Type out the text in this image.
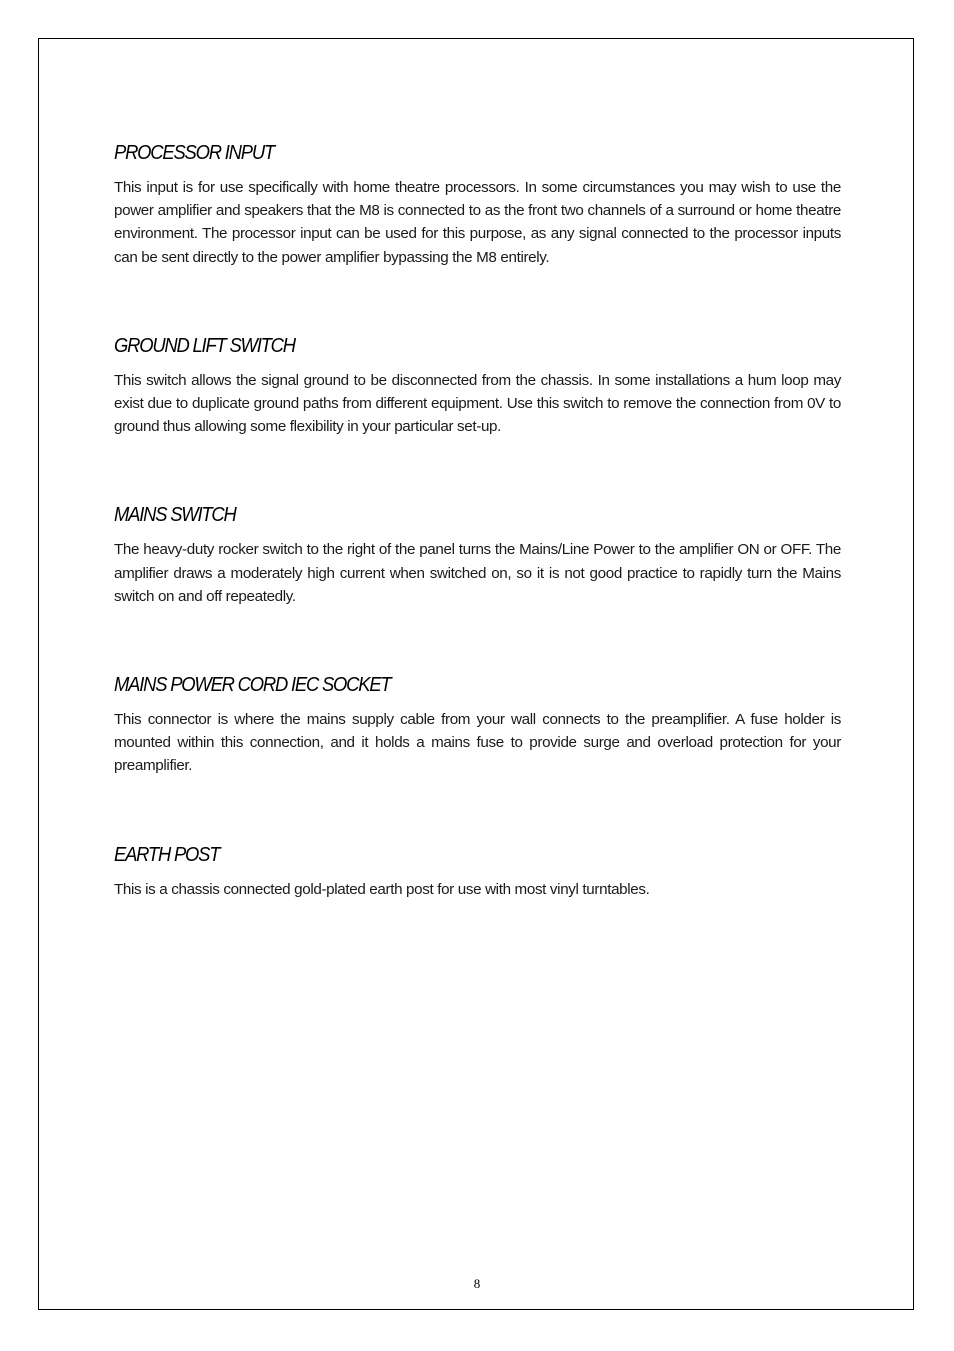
PROCESSOR INPUT

This input is for use specifically with home theatre processors. In some circumstances you may wish to use the power amplifier and speakers that the M8 is connected to as the front two channels of a surround or home theatre environment. The processor input can be used for this purpose, as any signal connected to the processor inputs can be sent directly to the power amplifier bypassing the M8 entirely.

GROUND LIFT SWITCH

This switch allows the signal ground to be disconnected from the chassis. In some installations a hum loop may exist due to duplicate ground paths from different equipment. Use this switch to remove the connection from 0V to ground thus allowing some flexibility in your particular set-up.

MAINS SWITCH

The heavy-duty rocker switch to the right of the panel turns the Mains/Line Power to the amplifier ON or OFF. The amplifier draws a moderately high current when switched on, so it is not good practice to rapidly turn the Mains switch on and off repeatedly.

MAINS POWER CORD IEC SOCKET

This connector is where the mains supply cable from your wall connects to the preamplifier. A fuse holder is mounted within this connection, and it holds a mains fuse to provide surge and overload protection for your preamplifier.

EARTH POST

This is a chassis connected gold-plated earth post for use with most vinyl turntables.

8
